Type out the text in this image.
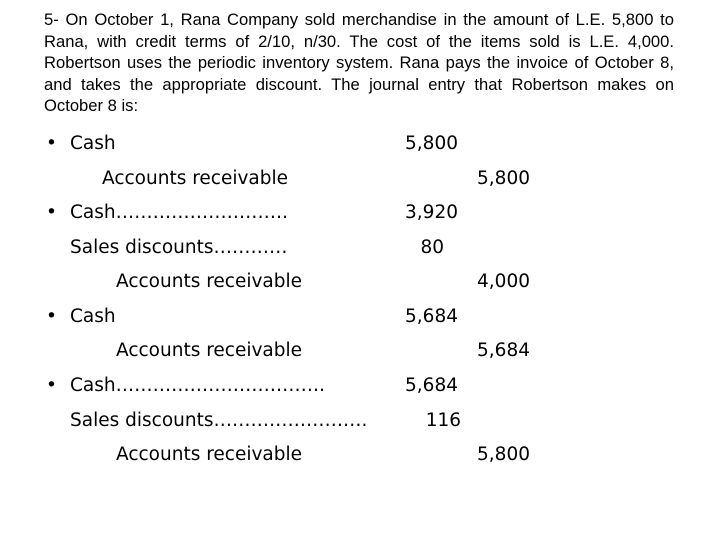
5- On October 1, Rana Company sold merchandise in the amount of L.E. 5,800 to Rana, with credit terms of 2/10, n/30. The cost of the items sold is L.E. 4,000. Robertson uses the periodic inventory system. Rana pays the invoice of October 8, and takes the appropriate discount. The journal entry that Robertson makes on October 8 is:

• Cash	5,800
Accounts receivable	5,800
• Cash……………………….	3,920
Sales discounts…………	80
Accounts receivable	4,000
• Cash	5,684
Accounts receivable	5,684
• Cash…………………………….	5,684
Sales discounts…………………….	116
Accounts receivable	5,800
